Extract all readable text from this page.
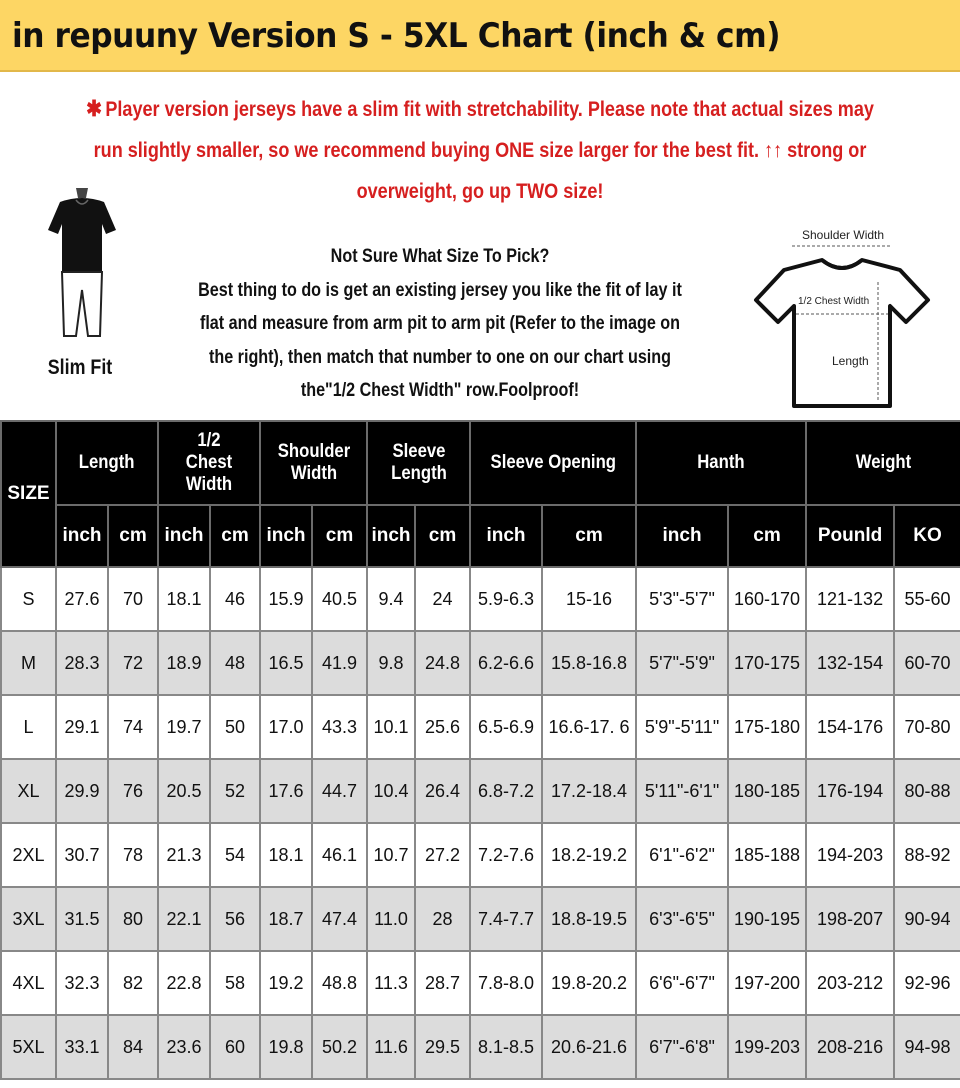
in repuuny Version S - 5XL Chart (inch & cm)
✱ Player version jerseys have a slim fit with stretchability. Please note that actual sizes may
run slightly smaller, so we recommend buying ONE size larger for the best fit. ↑↑ strong or
overweight, go up TWO size!
Slim Fit
Not Sure What Size To Pick?
Best thing to do is get an existing jersey you like the fit of lay it
flat and measure from arm pit to arm pit (Refer to the image on
the right), then match that number to one on our chart using
the"1/2 Chest Width" row.Foolproof!
Shoulder Width
1/2 Chest Width
Length
SIZE	Length		1/2 Chest Width		Shoulder Width		Sleeve Length		Sleeve Opening		Hanth		Weight	
	inch	cm	inch	cm	inch	cm	inch	cm	inch	cm	inch	cm	Pounld	KO
S	27.6	70	18.1	46	15.9	40.5	9.4	24	5.9-6.3	15-16	5'3"-5'7"	160-170	121-132	55-60
M	28.3	72	18.9	48	16.5	41.9	9.8	24.8	6.2-6.6	15.8-16.8	5'7"-5'9"	170-175	132-154	60-70
L	29.1	74	19.7	50	17.0	43.3	10.1	25.6	6.5-6.9	16.6-17. 6	5'9"-5'11"	175-180	154-176	70-80
XL	29.9	76	20.5	52	17.6	44.7	10.4	26.4	6.8-7.2	17.2-18.4	5'11"-6'1"	180-185	176-194	80-88
2XL	30.7	78	21.3	54	18.1	46.1	10.7	27.2	7.2-7.6	18.2-19.2	6'1"-6'2"	185-188	194-203	88-92
3XL	31.5	80	22.1	56	18.7	47.4	11.0	28	7.4-7.7	18.8-19.5	6'3"-6'5"	190-195	198-207	90-94
4XL	32.3	82	22.8	58	19.2	48.8	11.3	28.7	7.8-8.0	19.8-20.2	6'6"-6'7"	197-200	203-212	92-96
5XL	33.1	84	23.6	60	19.8	50.2	11.6	29.5	8.1-8.5	20.6-21.6	6'7"-6'8"	199-203	208-216	94-98
